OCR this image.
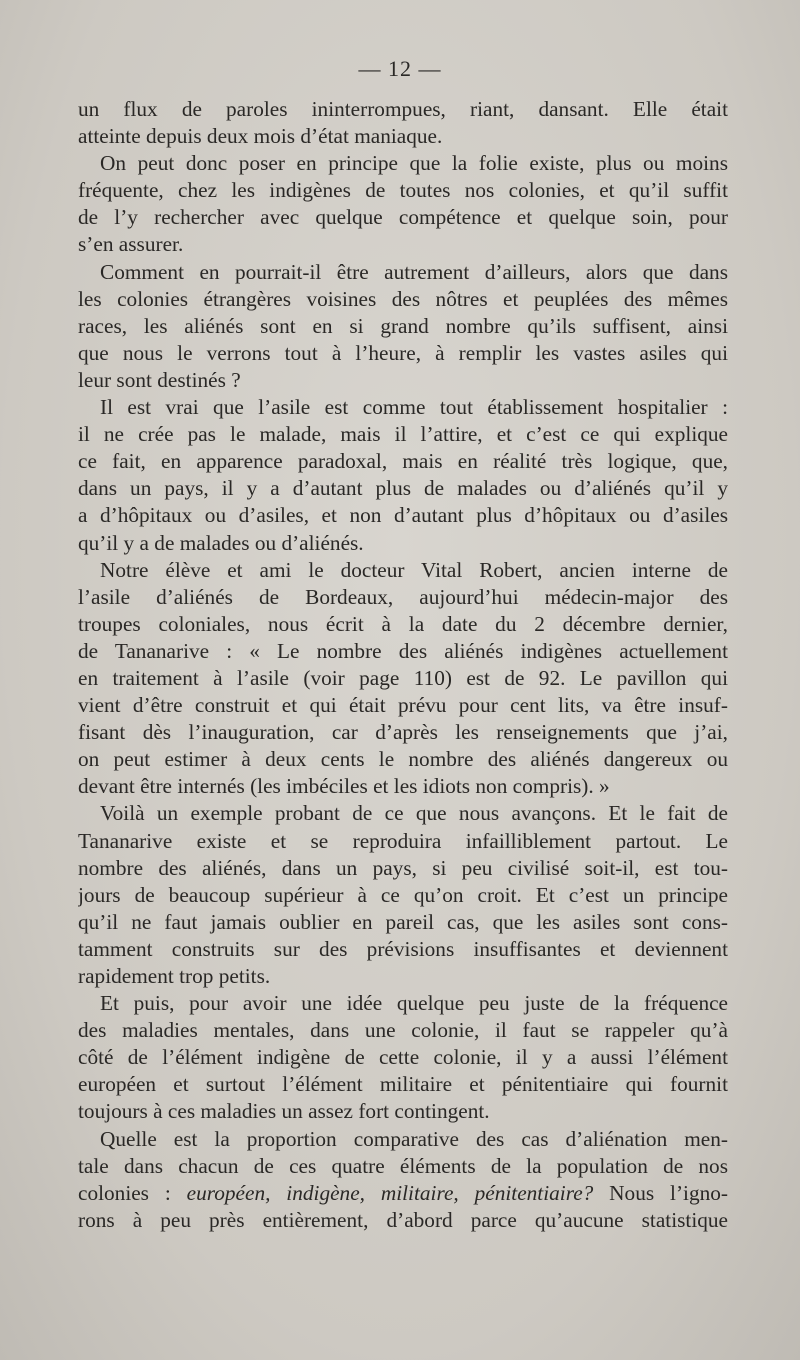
— 12 —
un flux de paroles ininterrompues, riant, dansant. Elle était
atteinte depuis deux mois d’état maniaque.
On peut donc poser en principe que la folie existe, plus ou moins
fréquente, chez les indigènes de toutes nos colonies, et qu’il suffit
de l’y rechercher avec quelque compétence et quelque soin, pour
s’en assurer.
Comment en pourrait-il être autrement d’ailleurs, alors que dans
les colonies étrangères voisines des nôtres et peuplées des mêmes
races, les aliénés sont en si grand nombre qu’ils suffisent, ainsi
que nous le verrons tout à l’heure, à remplir les vastes asiles qui
leur sont destinés ?
Il est vrai que l’asile est comme tout établissement hospitalier :
il ne crée pas le malade, mais il l’attire, et c’est ce qui explique
ce fait, en apparence paradoxal, mais en réalité très logique, que,
dans un pays, il y a d’autant plus de malades ou d’aliénés qu’il y
a d’hôpitaux ou d’asiles, et non d’autant plus d’hôpitaux ou d’asiles
qu’il y a de malades ou d’aliénés.
Notre élève et ami le docteur Vital Robert, ancien interne de
l’asile d’aliénés de Bordeaux, aujourd’hui médecin-major des
troupes coloniales, nous écrit à la date du 2 décembre dernier,
de Tananarive : « Le nombre des aliénés indigènes actuellement
en traitement à l’asile (voir page 110) est de 92. Le pavillon qui
vient d’être construit et qui était prévu pour cent lits, va être insuf-
fisant dès l’inauguration, car d’après les renseignements que j’ai,
on peut estimer à deux cents le nombre des aliénés dangereux ou
devant être internés (les imbéciles et les idiots non compris). »
Voilà un exemple probant de ce que nous avançons. Et le fait de
Tananarive existe et se reproduira infailliblement partout. Le
nombre des aliénés, dans un pays, si peu civilisé soit-il, est tou-
jours de beaucoup supérieur à ce qu’on croit. Et c’est un principe
qu’il ne faut jamais oublier en pareil cas, que les asiles sont cons-
tamment construits sur des prévisions insuffisantes et deviennent
rapidement trop petits.
Et puis, pour avoir une idée quelque peu juste de la fréquence
des maladies mentales, dans une colonie, il faut se rappeler qu’à
côté de l’élément indigène de cette colonie, il y a aussi l’élément
européen et surtout l’élément militaire et pénitentiaire qui fournit
toujours à ces maladies un assez fort contingent.
Quelle est la proportion comparative des cas d’aliénation men-
tale dans chacun de ces quatre éléments de la population de nos
colonies : européen, indigène, militaire, pénitentiaire? Nous l’igno-
rons à peu près entièrement, d’abord parce qu’aucune statistique
